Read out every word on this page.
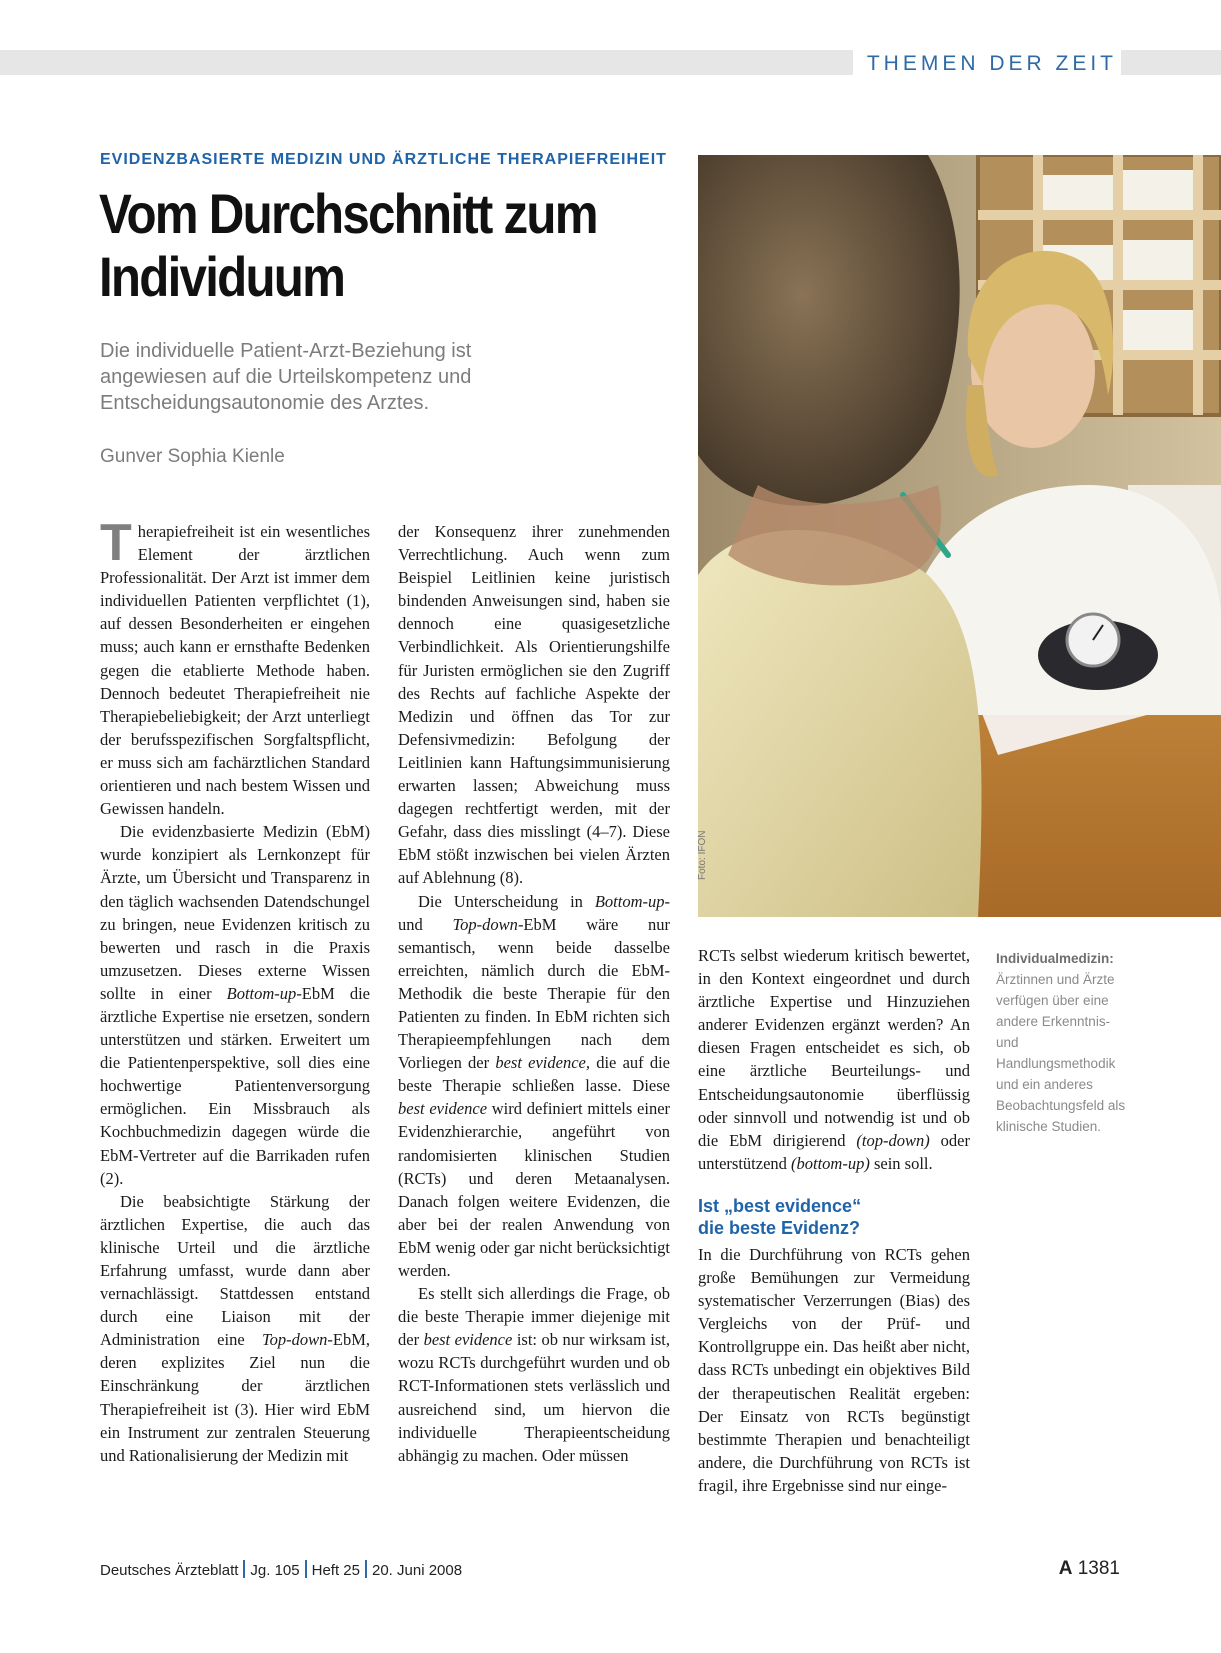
THEMEN DER ZEIT
EVIDENZBASIERTE MEDIZIN UND ÄRZTLICHE THERAPIEFREIHEIT
Vom Durchschnitt zum
Individuum
Die individuelle Patient-Arzt-Beziehung ist
angewiesen auf die Urteilskompetenz und
Entscheidungsautonomie des Arztes.
Gunver Sophia Kienle

Therapiefreiheit ist ein wesentliches Element der ärztlichen Professionalität. Der Arzt ist immer dem individuellen Patienten verpflichtet (1), auf dessen Besonderheiten er eingehen muss; auch kann er ernsthafte Bedenken gegen die etablierte Methode haben. Dennoch bedeutet Therapiefreiheit nie Therapiebeliebigkeit; der Arzt unterliegt der berufsspezifischen Sorgfaltspflicht, er muss sich am fachärztlichen Standard orientieren und nach bestem Wissen und Gewissen handeln.

Die evidenzbasierte Medizin (EbM) wurde konzipiert als Lernkonzept für Ärzte, um Übersicht und Transparenz in den täglich wachsenden Datendschungel zu bringen, neue Evidenzen kritisch zu bewerten und rasch in die Praxis umzusetzen. Dieses externe Wissen sollte in einer Bottom-up-EbM die ärztliche Expertise nie ersetzen, sondern unterstützen und stärken. Erweitert um die Patientenperspektive, soll dies eine hochwertige Patientenversorgung ermöglichen. Ein Missbrauch als Kochbuchmedizin dagegen würde die EbM-Vertreter auf die Barrikaden rufen (2).

Die beabsichtigte Stärkung der ärztlichen Expertise, die auch das klinische Urteil und die ärztliche Erfahrung umfasst, wurde dann aber vernachlässigt. Stattdessen entstand durch eine Liaison mit der Administration eine Top-down-EbM, deren explizites Ziel nun die Einschränkung der ärztlichen Therapiefreiheit ist (3). Hier wird EbM ein Instrument zur zentralen Steuerung und Rationalisierung der Medizin mit

der Konsequenz ihrer zunehmenden Verrechtlichung. Auch wenn zum Beispiel Leitlinien keine juristisch bindenden Anweisungen sind, haben sie dennoch eine quasigesetzliche Verbindlichkeit. Als Orientierungshilfe für Juristen ermöglichen sie den Zugriff des Rechts auf fachliche Aspekte der Medizin und öffnen das Tor zur Defensivmedizin: Befolgung der Leitlinien kann Haftungsimmunisierung erwarten lassen; Abweichung muss dagegen rechtfertigt werden, mit der Gefahr, dass dies misslingt (4–7). Diese EbM stößt inzwischen bei vielen Ärzten auf Ablehnung (8).

Die Unterscheidung in Bottom-up- und Top-down-EbM wäre nur semantisch, wenn beide dasselbe erreichten, nämlich durch die EbM-Methodik die beste Therapie für den Patienten zu finden. In EbM richten sich Therapieempfehlungen nach dem Vorliegen der best evidence, die auf die beste Therapie schließen lasse. Diese best evidence wird definiert mittels einer Evidenzhierarchie, angeführt von randomisierten klinischen Studien (RCTs) und deren Metaanalysen. Danach folgen weitere Evidenzen, die aber bei der realen Anwendung von EbM wenig oder gar nicht berücksichtigt werden.

Es stellt sich allerdings die Frage, ob die beste Therapie immer diejenige mit der best evidence ist: ob nur wirksam ist, wozu RCTs durchgeführt wurden und ob RCT-Informationen stets verlässlich und ausreichend sind, um hiervon die individuelle Therapieentscheidung abhängig zu machen. Oder müssen

RCTs selbst wiederum kritisch bewertet, in den Kontext eingeordnet und durch ärztliche Expertise und Hinzuziehen anderer Evidenzen ergänzt werden? An diesen Fragen entscheidet es sich, ob eine ärztliche Beurteilungs- und Entscheidungsautonomie überflüssig oder sinnvoll und notwendig ist und ob die EbM dirigierend (top-down) oder unterstützend (bottom-up) sein soll.

Ist „best evidence“
die beste Evidenz?

In die Durchführung von RCTs gehen große Bemühungen zur Vermeidung systematischer Verzerrungen (Bias) des Vergleichs von der Prüf- und Kontrollgruppe ein. Das heißt aber nicht, dass RCTs unbedingt ein objektives Bild der therapeutischen Realität ergeben: Der Einsatz von RCTs begünstigt bestimmte Therapien und benachteiligt andere, die Durchführung von RCTs ist fragil, ihre Ergebnisse sind nur einge-

Foto: IFON
Individualmedizin: Ärztinnen und Ärzte verfügen über eine andere Erkenntnis- und Handlungsmethodik und ein anderes Beobachtungsfeld als klinische Studien.
Deutsches Ärzteblatt Jg. 105 Heft 25 20. Juni 2008	A 1381
